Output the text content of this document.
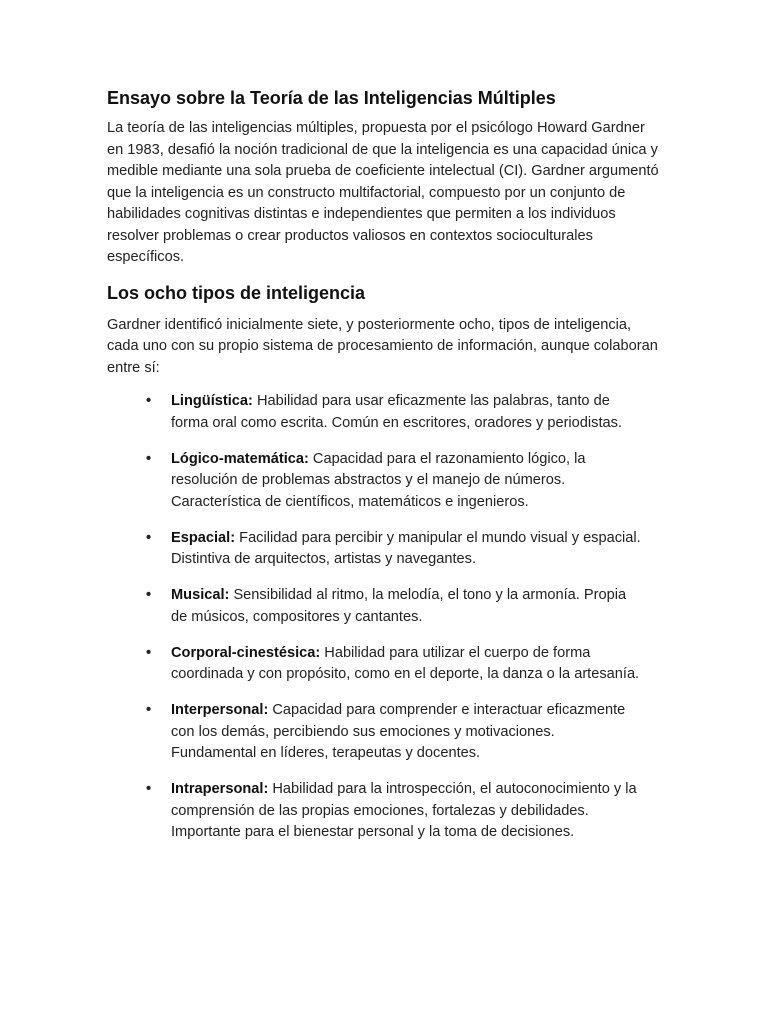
Ensayo sobre la Teoría de las Inteligencias Múltiples

La teoría de las inteligencias múltiples, propuesta por el psicólogo Howard Gardner en 1983, desafió la noción tradicional de que la inteligencia es una capacidad única y medible mediante una sola prueba de coeficiente intelectual (CI). Gardner argumentó que la inteligencia es un constructo multifactorial, compuesto por un conjunto de habilidades cognitivas distintas e independientes que permiten a los individuos resolver problemas o crear productos valiosos en contextos socioculturales específicos.

Los ocho tipos de inteligencia

Gardner identificó inicialmente siete, y posteriormente ocho, tipos de inteligencia, cada uno con su propio sistema de procesamiento de información, aunque colaboran entre sí:

•	Lingüística: Habilidad para usar eficazmente las palabras, tanto de forma oral como escrita. Común en escritores, oradores y periodistas.
•	Lógico-matemática: Capacidad para el razonamiento lógico, la resolución de problemas abstractos y el manejo de números. Característica de científicos, matemáticos e ingenieros.
•	Espacial: Facilidad para percibir y manipular el mundo visual y espacial. Distintiva de arquitectos, artistas y navegantes.
•	Musical: Sensibilidad al ritmo, la melodía, el tono y la armonía. Propia de músicos, compositores y cantantes.
•	Corporal-cinestésica: Habilidad para utilizar el cuerpo de forma coordinada y con propósito, como en el deporte, la danza o la artesanía.
•	Interpersonal: Capacidad para comprender e interactuar eficazmente con los demás, percibiendo sus emociones y motivaciones. Fundamental en líderes, terapeutas y docentes.
•	Intrapersonal: Habilidad para la introspección, el autoconocimiento y la comprensión de las propias emociones, fortalezas y debilidades. Importante para el bienestar personal y la toma de decisiones.
